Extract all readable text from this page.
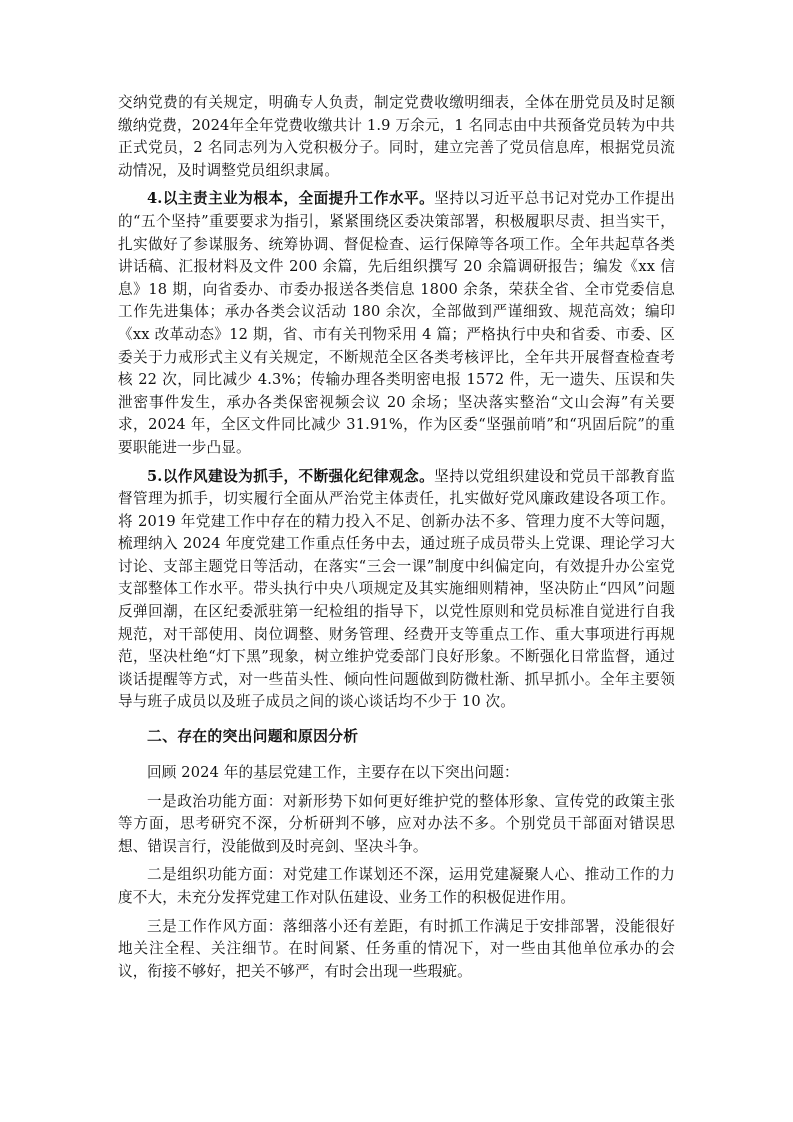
交纳党费的有关规定，明确专人负责，制定党费收缴明细表，全体在册党员及时足额缴纳党费，2024年全年党费收缴共计 1.9 万余元，1 名同志由中共预备党员转为中共正式党员，2 名同志列为入党积极分子。同时，建立完善了党员信息库，根据党员流动情况，及时调整党员组织隶属。

4.以主责主业为根本，全面提升工作水平。坚持以习近平总书记对党办工作提出的“五个坚持”重要要求为指引，紧紧围绕区委决策部署，积极履职尽责、担当实干，扎实做好了参谋服务、统筹协调、督促检查、运行保障等各项工作。全年共起草各类讲话稿、汇报材料及文件 200 余篇，先后组织撰写 20 余篇调研报告；编发《xx 信息》18 期，向省委办、市委办报送各类信息 1800 余条，荣获全省、全市党委信息工作先进集体；承办各类会议活动 180 余次，全部做到严谨细致、规范高效；编印《xx 改革动态》12 期，省、市有关刊物采用 4 篇；严格执行中央和省委、市委、区委关于力戒形式主义有关规定，不断规范全区各类考核评比，全年共开展督查检查考核 22 次，同比减少 4.3%；传输办理各类明密电报 1572 件，无一遗失、压误和失泄密事件发生，承办各类保密视频会议 20 余场；坚决落实整治“文山会海”有关要求，2024 年，全区文件同比减少 31.91%，作为区委“坚强前哨”和“巩固后院”的重要职能进一步凸显。

5.以作风建设为抓手，不断强化纪律观念。坚持以党组织建设和党员干部教育监督管理为抓手，切实履行全面从严治党主体责任，扎实做好党风廉政建设各项工作。将 2019 年党建工作中存在的精力投入不足、创新办法不多、管理力度不大等问题，梳理纳入 2024 年度党建工作重点任务中去，通过班子成员带头上党课、理论学习大讨论、支部主题党日等活动，在落实“三会一课”制度中纠偏定向，有效提升办公室党支部整体工作水平。带头执行中央八项规定及其实施细则精神，坚决防止“四风”问题反弹回潮，在区纪委派驻第一纪检组的指导下，以党性原则和党员标准自觉进行自我规范，对干部使用、岗位调整、财务管理、经费开支等重点工作、重大事项进行再规范，坚决杜绝“灯下黑”现象，树立维护党委部门良好形象。不断强化日常监督，通过谈话提醒等方式，对一些苗头性、倾向性问题做到防微杜渐、抓早抓小。全年主要领导与班子成员以及班子成员之间的谈心谈话均不少于 10 次。

二、存在的突出问题和原因分析

回顾 2024 年的基层党建工作，主要存在以下突出问题：

一是政治功能方面：对新形势下如何更好维护党的整体形象、宣传党的政策主张等方面，思考研究不深，分析研判不够，应对办法不多。个别党员干部面对错误思想、错误言行，没能做到及时亮剑、坚决斗争。

二是组织功能方面：对党建工作谋划还不深，运用党建凝聚人心、推动工作的力度不大，未充分发挥党建工作对队伍建设、业务工作的积极促进作用。

三是工作作风方面：落细落小还有差距，有时抓工作满足于安排部署，没能很好地关注全程、关注细节。在时间紧、任务重的情况下，对一些由其他单位承办的会议，衔接不够好，把关不够严，有时会出现一些瑕疵。
